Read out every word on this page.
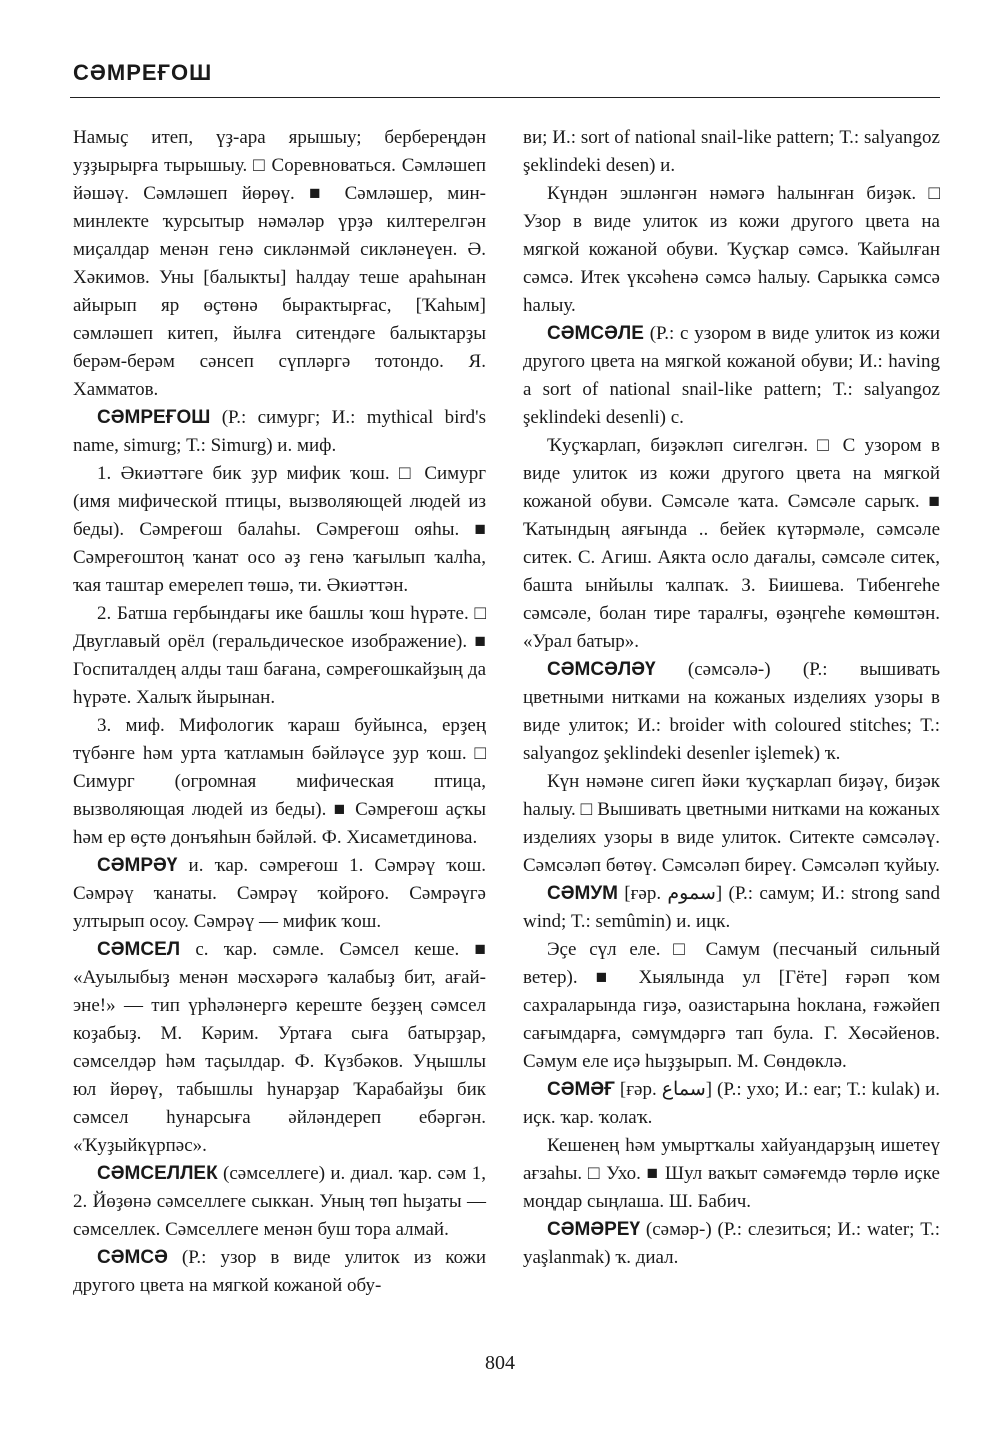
СӘМРЕҒОШ

Намыҫ итеп, үҙ-ара ярышыу; бербереңдән уҙҙырырға тырышыу. □ Соревноваться. Сәмләшеп йәшәү. Сәмләшеп йөрөү. ■ Сәмләшер, мин-минлекте ҡурсытыр нәмәләр үрҙә килтерелгән миҫалдар менән генә сикләнмәй сикләнеүен. Ә. Хәкимов. Уны [балыкты] һалдау теше араһынан айырып яр өҫтөнә бырактырғас, [Ҡаһым] сәмләшеп китеп, йылға ситендәге балыктарҙы берәм-берәм сәнсеп сүпләргә тотондо. Я. Хамматов.

СӘМРЕҒОШ (Р.: симург; И.: mythical bird's name, simurg; Т.: Simurg) и. миф.

1. Әкиәттәге бик ҙур мифик ҡош. □ Симург (имя мифической птицы, вызволяющей людей из беды). Сәмреғош балаһы. Сәмреғош ояһы. ■ Сәмреғоштоң ҡанат осо әҙ генә ҡағылып ҡалһа, ҡая таштар емерелеп төшә, ти. Әкиәттән.

2. Батша гербындағы ике башлы ҡош һүрәте. □ Двуглавый орёл (геральдическое изображение). ■ Госпиталдең алды таш бағана, сәмреғошкайҙың да һүрәте. Халыҡ йырынан.

3. миф. Мифологик ҡараш буйынса, ерҙең түбәнге һәм урта ҡатламын бәйләүсе ҙур ҡош. □ Симург (огромная мифическая птица, вызволяющая людей из беды). ■ Сәмреғош аҫҡы һәм ер өҫтө донъяһын бәйләй. Ф. Хисаметдинова.

СӘМРӘҮ и. ҡар. сәмреғош 1. Сәмрәү ҡош. Сәмрәү ҡанаты. Сәмрәү ҡойроғо. Сәмрәүгә ултырып осоу. Сәмрәү — мифик ҡош.

СӘМСЕЛ с. ҡар. сәмле. Сәмсел кеше. ■ «Ауылыбыҙ менән мәсхәрәгә ҡалабыҙ бит, ағай-эне!» — тип үрһәләнергә кереште беҙҙең сәмсел коҙабыҙ. М. Кәрим. Уртаға сыға батырҙар, сәмселдәр һәм таҫылдар. Ф. Күзбәков. Уңышлы юл йөрөү, табышлы һунарҙар Ҡарабайҙы бик сәмсел һунарсыға әйләндереп ебәргән. «Ҡуҙыйкүрпәс».

СӘМСЕЛЛЕК (сәмселлеге) и. диал. ҡар. сәм 1, 2. Йөҙөнә сәмселлеге сыккан. Уның төп һыҙаты — сәмселлек. Сәмселлеге менән буш тора алмай.

СӘМСӘ (Р.: узор в виде улиток из кожи другого цвета на мягкой кожаной обу-

ви; И.: sort of national snail-like pattern; Т.: salyangoz şeklindeki desen) и.

Күндән эшләнгән нәмәгә һалынған биҙәк. □ Узор в виде улиток из кожи другого цвета на мягкой кожаной обуви. Ҡуҫҡар сәмсә. Ҡайылған сәмсә. Итек үксәһенә сәмсә һалыу. Сарыкка сәмсә һалыу.

СӘМСӘЛЕ (Р.: с узором в виде улиток из кожи другого цвета на мягкой кожаной обуви; И.: having a sort of national snail-like pattern; Т.: salyangoz şeklindeki desenli) с.

Ҡуҫҡарлап, биҙәкләп сигелгән. □ С узором в виде улиток из кожи другого цвета на мягкой кожаной обуви. Сәмсәле ҡата. Сәмсәле сарыҡ. ■ Ҡатындың аяғында .. бейек күтәрмәле, сәмсәле ситек. С. Агиш. Аякта осло дағалы, сәмсәле ситек, башта ынйылы ҡалпаҡ. З. Биишева. Тибенгеһе сәмсәле, болан тире таралғы, өҙәңгеһе көмөштән. «Урал батыр».

СӘМСӘЛӘҮ (сәмсәлә-) (Р.: вышивать цветными нитками на кожаных изделиях узоры в виде улиток; И.: broider with coloured stitches; Т.: salyangoz şeklindeki desenler işlemek) ҡ.

Күн нәмәне сигеп йәки ҡуҫҡарлап биҙәү, биҙәк һалыу. □ Вышивать цветными нитками на кожаных изделиях узоры в виде улиток. Ситекте сәмсәләү. Сәмсәләп бөтөү. Сәмсәләп биреү. Сәмсәләп ҡуйыу.

СӘМУМ [ғәр. سموم] (Р.: самум; И.: strong sand wind; Т.: semûmin) и. ицк.

Эҫе сүл еле. □ Самум (песчаный сильный ветер). ■ Хыялында ул [Гёте] ғәрәп ҡом сахраларында гиҙә, оазистарына һоклана, ғәжәйеп сағымдарға, сәмүмдәргә тап була. Г. Хөсәйенов. Сәмум еле иҫә һыҙҙырып. М. Сөндөклә.

СӘМӘҒ [ғәр. سماع] (Р.: ухо; И.: ear; Т.: kulak) и. иҫк. ҡар. ҡолаҡ.

Кешенең һәм умыртҡалы хайуандарҙың ишетеү ағзаһы. □ Ухо. ■ Шул ваҡыт сәмәғемдә төрлө иҫке моңдар сыңлаша. Ш. Бабич.

СӘМӘРЕҮ (сәмәр-) (Р.: слезиться; И.: water; Т.: yaşlanmak) ҡ. диал.

804
